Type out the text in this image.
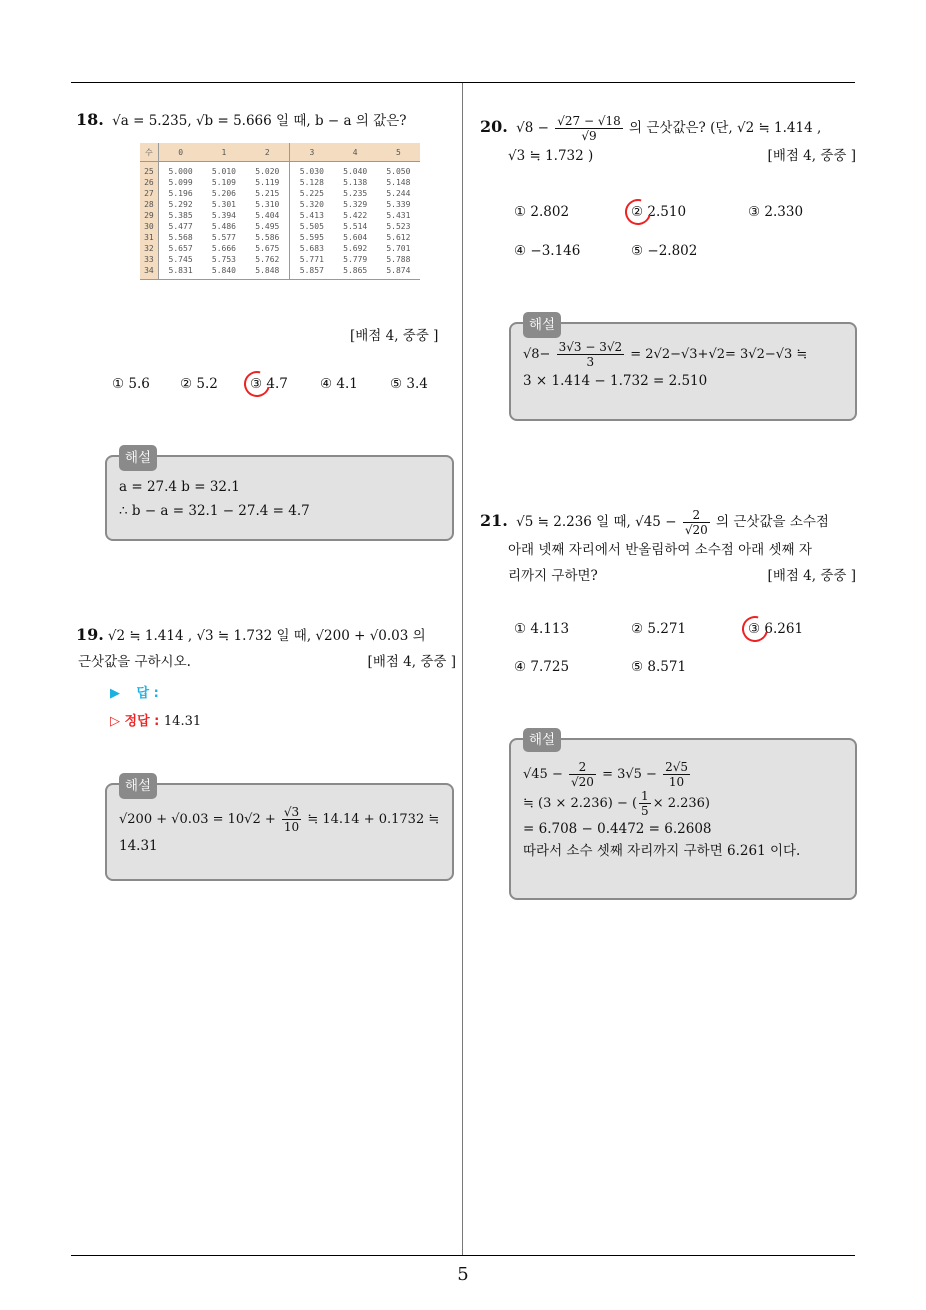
18. √a = 5.235, √b = 5.666 일 때, b − a 의 값은?
수	0	1	2	3	4	5
25	5.000	5.010	5.020	5.030	5.040	5.050
26	5.099	5.109	5.119	5.128	5.138	5.148
27	5.196	5.206	5.215	5.225	5.235	5.244
28	5.292	5.301	5.310	5.320	5.329	5.339
29	5.385	5.394	5.404	5.413	5.422	5.431
30	5.477	5.486	5.495	5.505	5.514	5.523
31	5.568	5.577	5.586	5.595	5.604	5.612
32	5.657	5.666	5.675	5.683	5.692	5.701
33	5.745	5.753	5.762	5.771	5.779	5.788
34	5.831	5.840	5.848	5.857	5.865	5.874
[배점 4, 중중 ]
① 5.6 ② 5.2 ③ 4.7 ④ 4.1 ⑤ 3.4
해설
a = 27.4 b = 32.1
∴ b − a = 32.1 − 27.4 = 4.7
19. √2 ≒ 1.414 , √3 ≒ 1.732 일 때, √200 + √0.03 의
근삿값을 구하시오.	[배점 4, 중중 ]
▶ 답 :
▷ 정답 : 14.31
해설
$√200 + √0.03 = 10√2 + \frac{√3}{10}$ ≒ 14.14 + 0.1732 ≒
14.31
20. $√8 - \frac{√27 - √18}{√9}$ 의 근삿값은? (단, √2 ≒ 1.414 ,
√3 ≒ 1.732 )	[배점 4, 중중 ]
① 2.802	② 2.510	③ 2.330
④ −3.146	⑤ −2.802
해설
$√8- \frac{3√3 - 3√2}{3} = 2√2-√3+√2= 3√2-√3$ ≒
3 × 1.414 − 1.732 = 2.510
21. √5 ≒ 2.236 일 때, $√45 - \frac{2}{√20}$ 의 근삿값을 소수점
아래 넷째 자리에서 반올림하여 소수점 아래 셋째 자
리까지 구하면?	[배점 4, 중중 ]
① 4.113	② 5.271	③ 6.261
④ 7.725	⑤ 8.571
해설
$√45 - \frac{2}{√20} = 3√5 - \frac{2√5}{10}$
≒ (3 × 2.236) − ( $\frac{1}{5} \times 2.236$)
= 6.708 − 0.4472 = 6.2608
따라서 소수 셋째 자리까지 구하면 6.261 이다.
5
